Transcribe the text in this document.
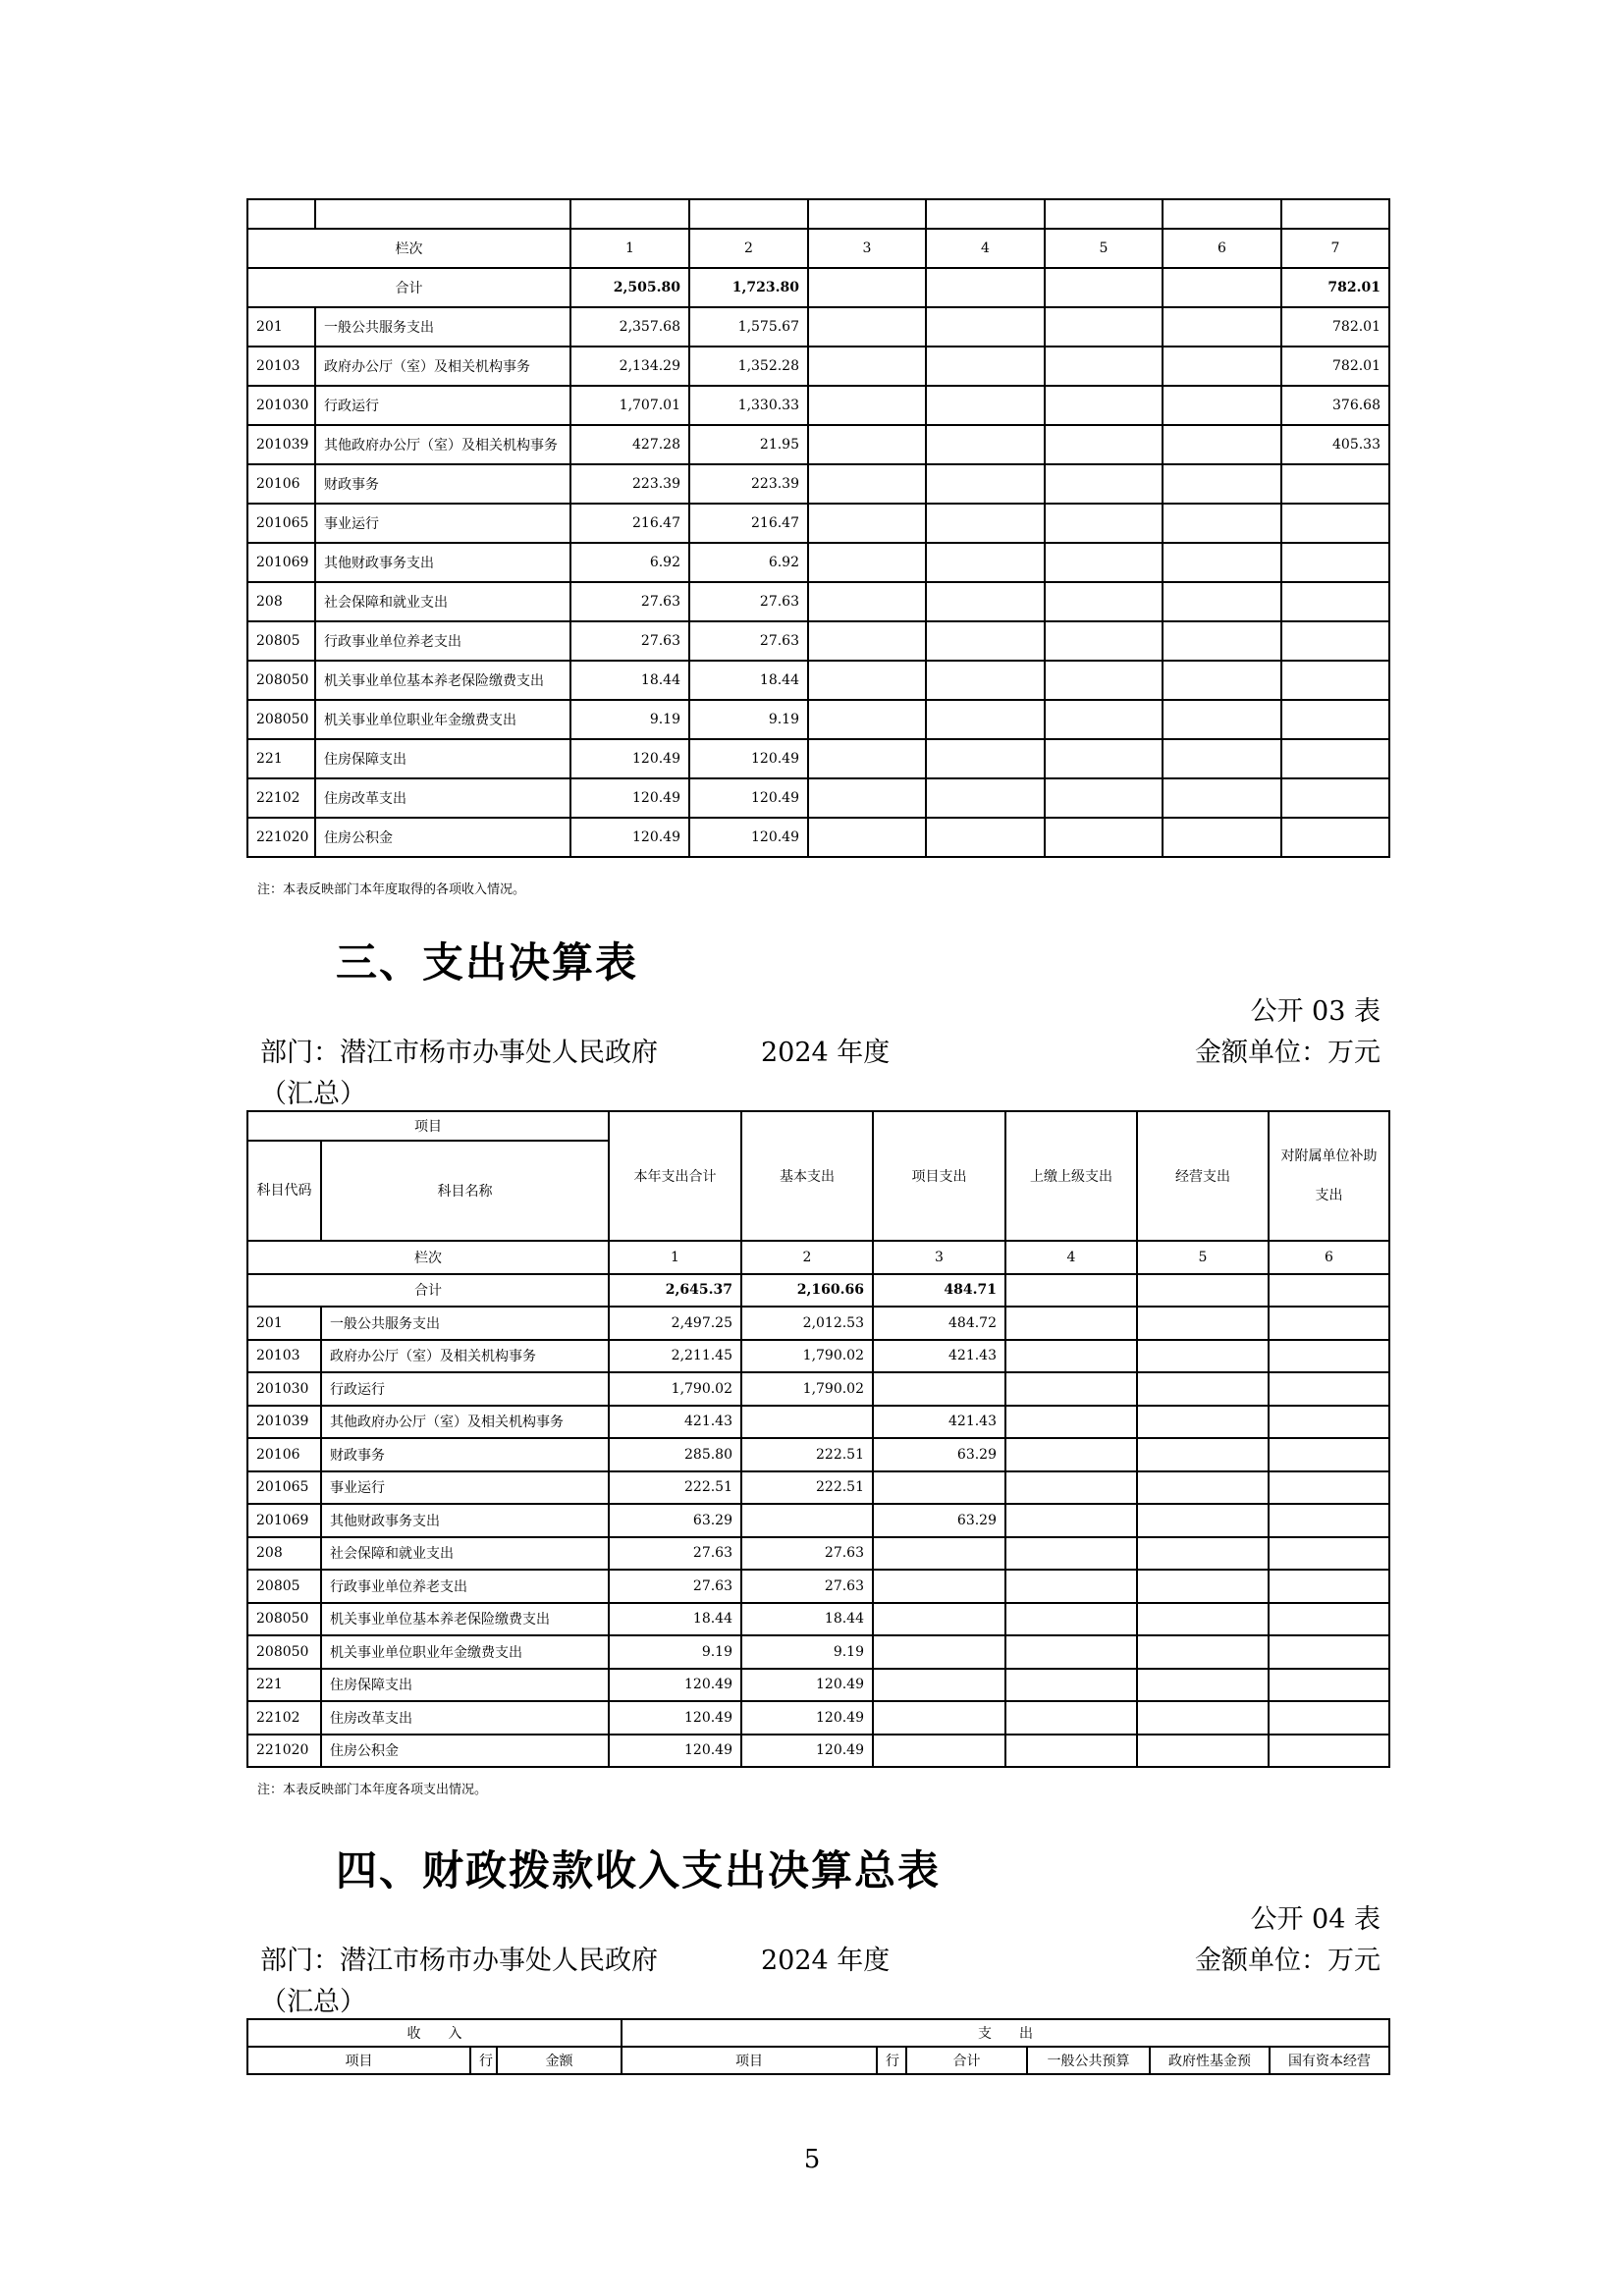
栏次		1	2	3	4	5	6	7
合计		2,505.80	1,723.80					782.01
201	一般公共服务支出	2,357.68	1,575.67					782.01
20103	政府办公厅（室）及相关机构事务	2,134.29	1,352.28					782.01
201030	行政运行	1,707.01	1,330.33					376.68
201039	其他政府办公厅（室）及相关机构事务	427.28	21.95					405.33
20106	财政事务	223.39	223.39					
201065	事业运行	216.47	216.47					
201069	其他财政事务支出	6.92	6.92					
208	社会保障和就业支出	27.63	27.63					
20805	行政事业单位养老支出	27.63	27.63					
208050	机关事业单位基本养老保险缴费支出	18.44	18.44					
208050	机关事业单位职业年金缴费支出	9.19	9.19					
221	住房保障支出	120.49	120.49					
22102	住房改革支出	120.49	120.49					
221020	住房公积金	120.49	120.49					
注：本表反映部门本年度取得的各项收入情况。
三、支出决算表
公开 03 表
部门：潜江市杨市办事处人民政府	2024 年度	金额单位：万元
（汇总）
项目		本年支出合计	基本支出	项目支出	上缴上级支出	经营支出	对附属单位补助支出
科目代码	科目名称						
栏次		1	2	3	4	5	6
合计		2,645.37	2,160.66	484.71			
201	一般公共服务支出	2,497.25	2,012.53	484.72			
20103	政府办公厅（室）及相关机构事务	2,211.45	1,790.02	421.43			
201030	行政运行	1,790.02	1,790.02				
201039	其他政府办公厅（室）及相关机构事务	421.43		421.43			
20106	财政事务	285.80	222.51	63.29			
201065	事业运行	222.51	222.51				
201069	其他财政事务支出	63.29		63.29			
208	社会保障和就业支出	27.63	27.63				
20805	行政事业单位养老支出	27.63	27.63				
208050	机关事业单位基本养老保险缴费支出	18.44	18.44				
208050	机关事业单位职业年金缴费支出	9.19	9.19				
221	住房保障支出	120.49	120.49				
22102	住房改革支出	120.49	120.49				
221020	住房公积金	120.49	120.49				
注：本表反映部门本年度各项支出情况。
四、财政拨款收入支出决算总表
公开 04 表
部门：潜江市杨市办事处人民政府	2024 年度	金额单位：万元
（汇总）
收　　入			支　　出					
项目	行	金额	项目	行	合计	一般公共预算	政府性基金预	国有资本经营
5
